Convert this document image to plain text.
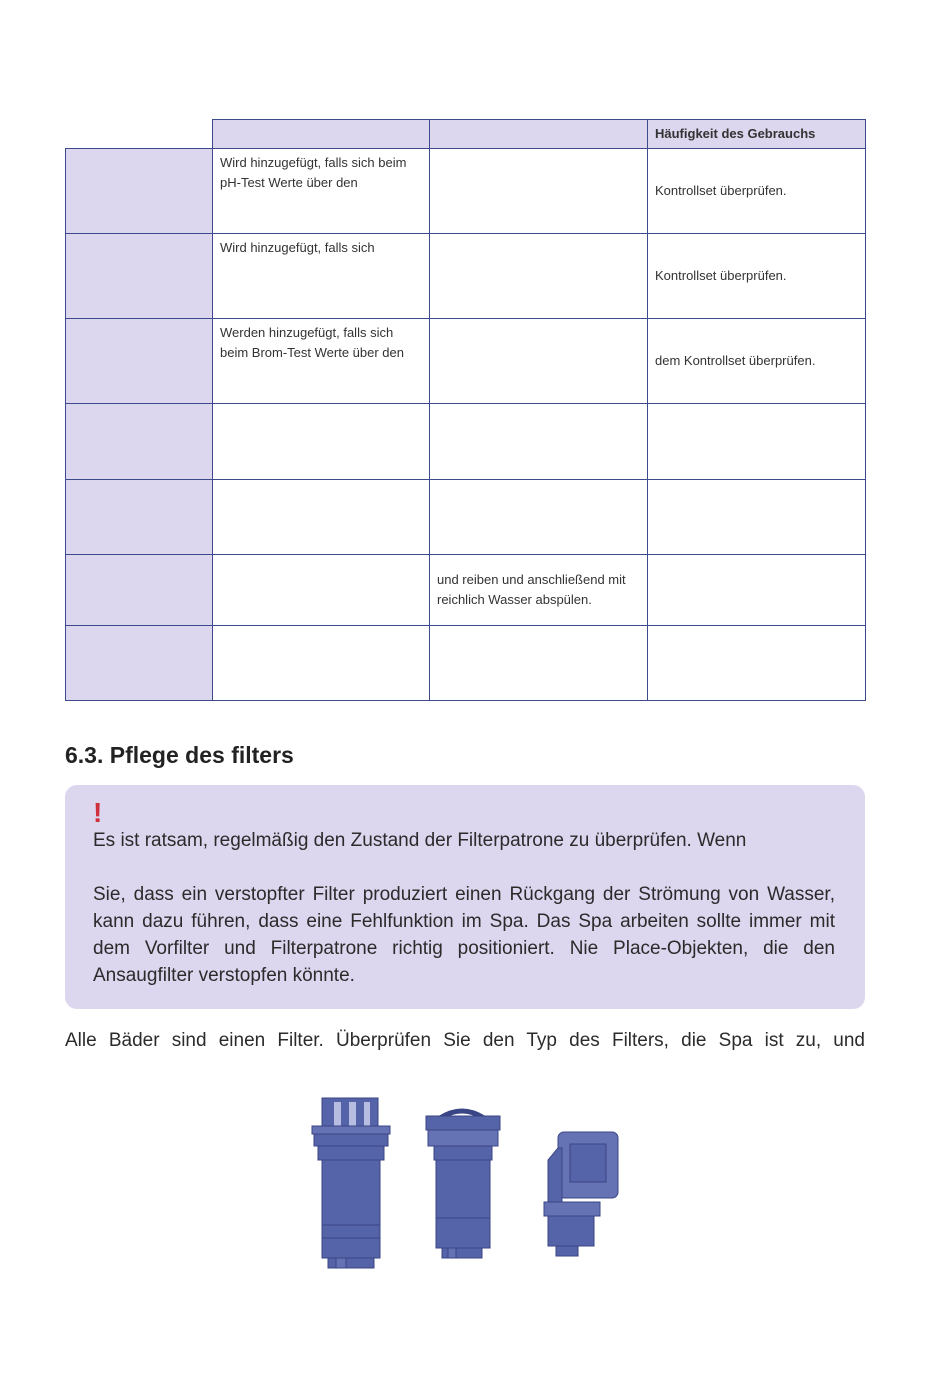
			Häufigkeit des Gebrauchs
	Wird hinzugefügt, falls sich beim pH-Test Werte über den		Kontrollset überprüfen.
	Wird hinzugefügt, falls sich		Kontrollset überprüfen.
	Werden hinzugefügt, falls sich beim Brom-Test Werte über den		dem Kontrollset überprüfen.

		und reiben und anschließend mit reichlich Wasser abspülen.	

6.3. Pflege des filters
!

Es ist ratsam, regelmäßig den Zustand der Filterpatrone zu überprüfen. Wenn

Sie, dass ein verstopfter Filter produziert einen Rückgang der Strömung von Wasser, kann dazu führen, dass eine Fehlfunktion im Spa. Das Spa arbeiten sollte immer mit dem Vorfilter und Filterpatrone richtig positioniert. Nie Place-Objekten, die den Ansaugfilter verstopfen könnte.

Alle Bäder sind einen Filter. Überprüfen Sie den Typ des Filters, die Spa ist zu, und
